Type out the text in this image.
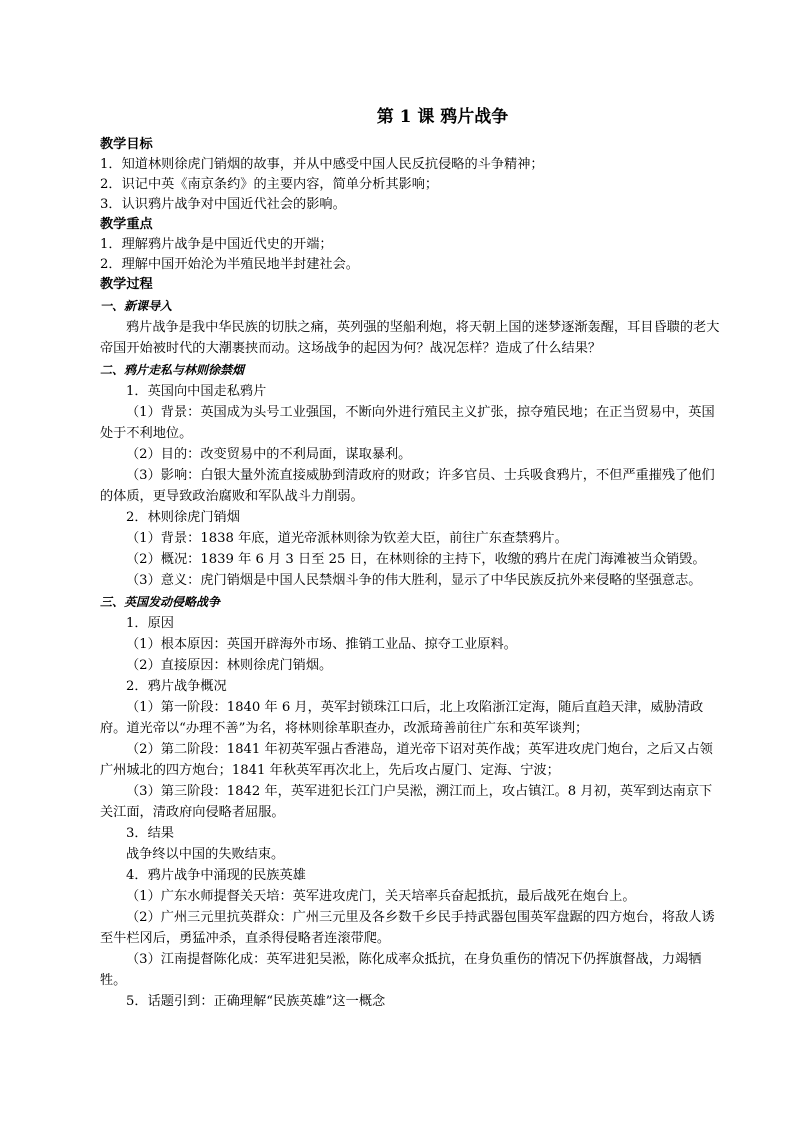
第 1 课 鸦片战争
教学目标
1．知道林则徐虎门销烟的故事，并从中感受中国人民反抗侵略的斗争精神；
2．识记中英《南京条约》的主要内容，简单分析其影响；
3．认识鸦片战争对中国近代社会的影响。
教学重点
1．理解鸦片战争是中国近代史的开端；
2．理解中国开始沦为半殖民地半封建社会。
教学过程
一、新课导入
鸦片战争是我中华民族的切肤之痛，英列强的坚船利炮，将天朝上国的迷梦逐渐轰醒，耳目昏聩的老大帝国开始被时代的大潮裹挟而动。这场战争的起因为何？战况怎样？造成了什么结果？
二、鸦片走私与林则徐禁烟
1．英国向中国走私鸦片
（1）背景：英国成为头号工业强国，不断向外进行殖民主义扩张，掠夺殖民地；在正当贸易中，英国处于不利地位。
（2）目的：改变贸易中的不利局面，谋取暴利。
（3）影响：白银大量外流直接威胁到清政府的财政；许多官员、士兵吸食鸦片，不但严重摧残了他们的体质，更导致政治腐败和军队战斗力削弱。
2．林则徐虎门销烟
（1）背景：1838 年底，道光帝派林则徐为钦差大臣，前往广东查禁鸦片。
（2）概况：1839 年 6 月 3 日至 25 日，在林则徐的主持下，收缴的鸦片在虎门海滩被当众销毁。
（3）意义：虎门销烟是中国人民禁烟斗争的伟大胜利，显示了中华民族反抗外来侵略的坚强意志。
三、英国发动侵略战争
1．原因
（1）根本原因：英国开辟海外市场、推销工业品、掠夺工业原料。
（2）直接原因：林则徐虎门销烟。
2．鸦片战争概况
（1）第一阶段：1840 年 6 月，英军封锁珠江口后，北上攻陷浙江定海，随后直趋天津，威胁清政府。道光帝以“办理不善”为名，将林则徐革职查办，改派琦善前往广东和英军谈判；
（2）第二阶段：1841 年初英军强占香港岛，道光帝下诏对英作战；英军进攻虎门炮台，之后又占领广州城北的四方炮台；1841 年秋英军再次北上，先后攻占厦门、定海、宁波；
（3）第三阶段：1842 年，英军进犯长江门户吴淞，溯江而上，攻占镇江。8 月初，英军到达南京下关江面，清政府向侵略者屈服。
3．结果
战争终以中国的失败结束。
4．鸦片战争中涌现的民族英雄
（1）广东水师提督关天培：英军进攻虎门，关天培率兵奋起抵抗，最后战死在炮台上。
（2）广州三元里抗英群众：广州三元里及各乡数千乡民手持武器包围英军盘踞的四方炮台，将敌人诱至牛栏冈后，勇猛冲杀，直杀得侵略者连滚带爬。
（3）江南提督陈化成：英军进犯吴淞，陈化成率众抵抗，在身负重伤的情况下仍挥旗督战，力竭牺牲。
5．话题引到：正确理解“民族英雄”这一概念
